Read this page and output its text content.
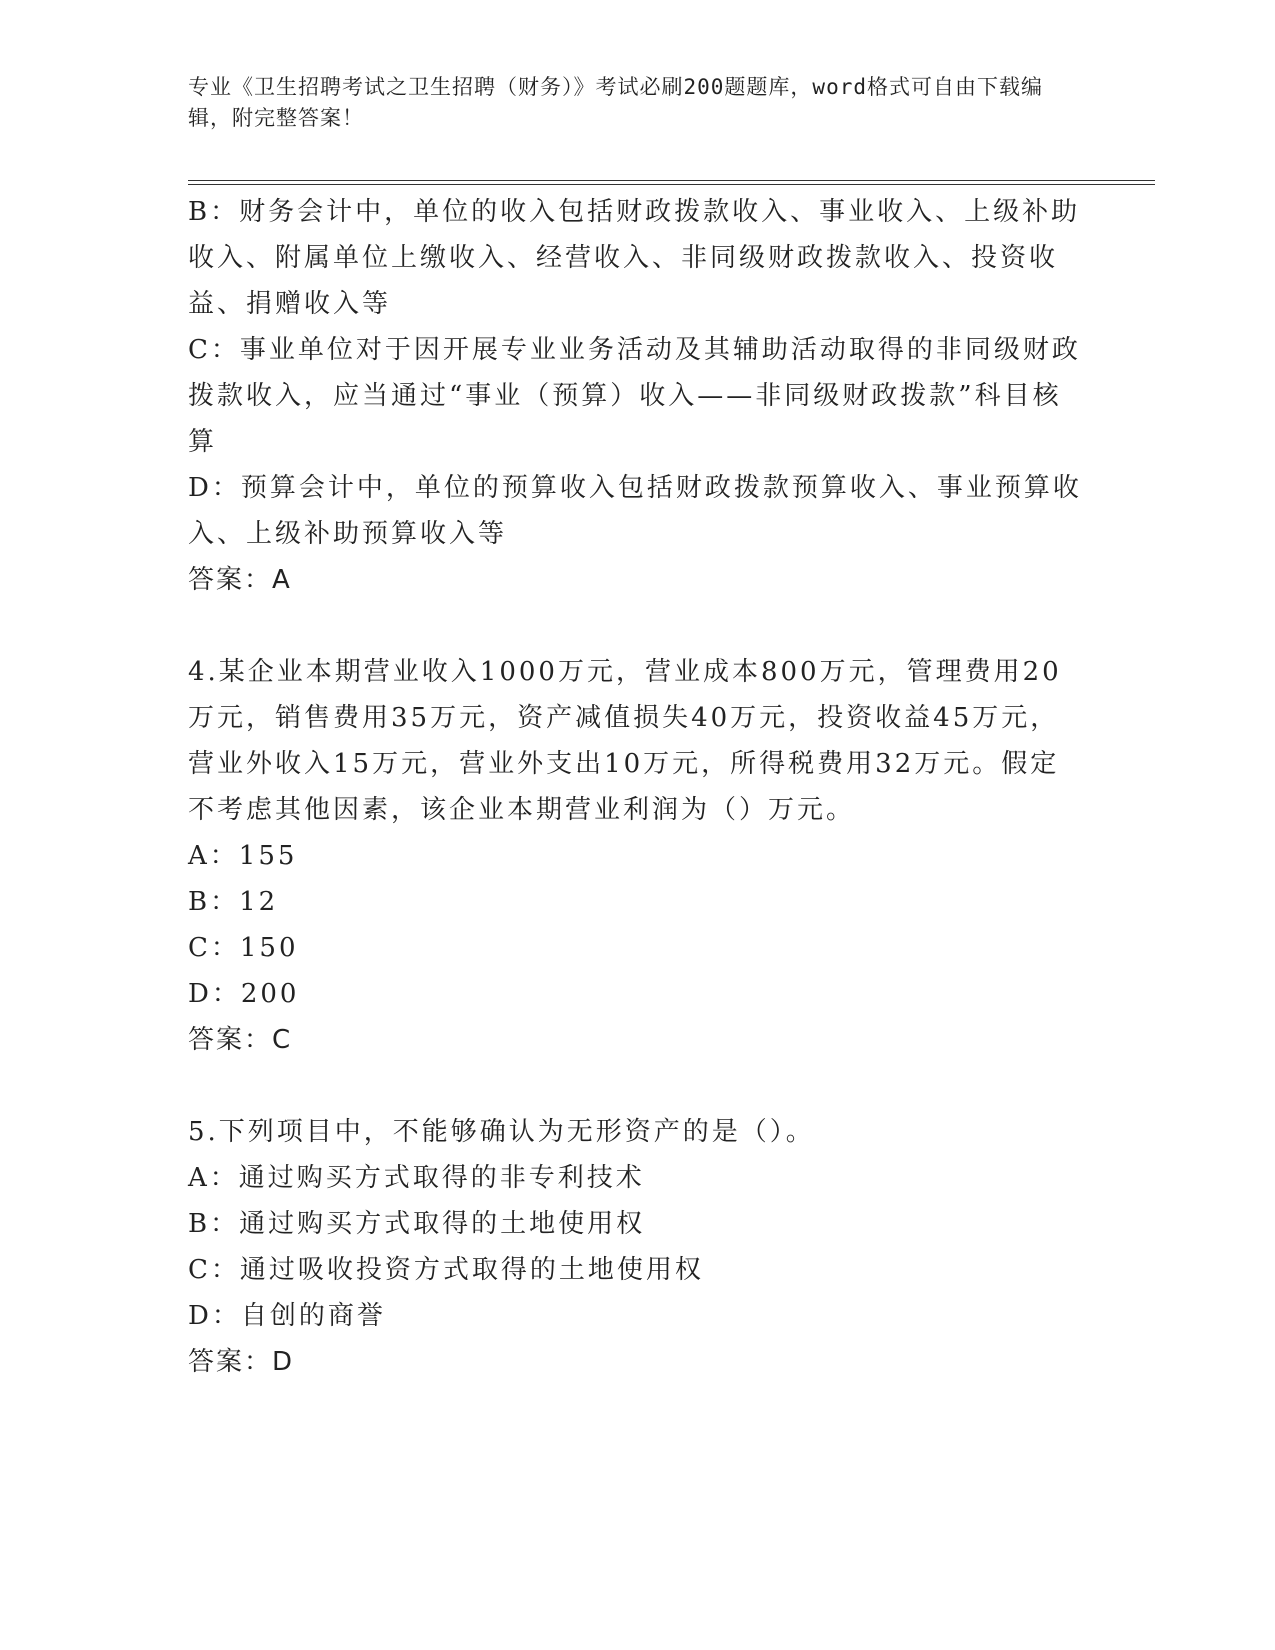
专业《卫生招聘考试之卫生招聘（财务）》考试必刷200题题库，word格式可自由下载编辑，附完整答案！

B：财务会计中，单位的收入包括财政拨款收入、事业收入、上级补助收入、附属单位上缴收入、经营收入、非同级财政拨款收入、投资收益、捐赠收入等

C：事业单位对于因开展专业业务活动及其辅助活动取得的非同级财政拨款收入，应当通过“事业（预算）收入——非同级财政拨款”科目核算

D：预算会计中，单位的预算收入包括财政拨款预算收入、事业预算收入、上级补助预算收入等

答案：A

4.某企业本期营业收入1000万元，营业成本800万元，管理费用20万元，销售费用35万元，资产减值损失40万元，投资收益45万元，营业外收入15万元，营业外支出10万元，所得税费用32万元。假定不考虑其他因素，该企业本期营业利润为（）万元。

A：155

B：12

C：150

D：200

答案：C

5.下列项目中，不能够确认为无形资产的是（）。

A：通过购买方式取得的非专利技术

B：通过购买方式取得的土地使用权

C：通过吸收投资方式取得的土地使用权

D：自创的商誉

答案：D
